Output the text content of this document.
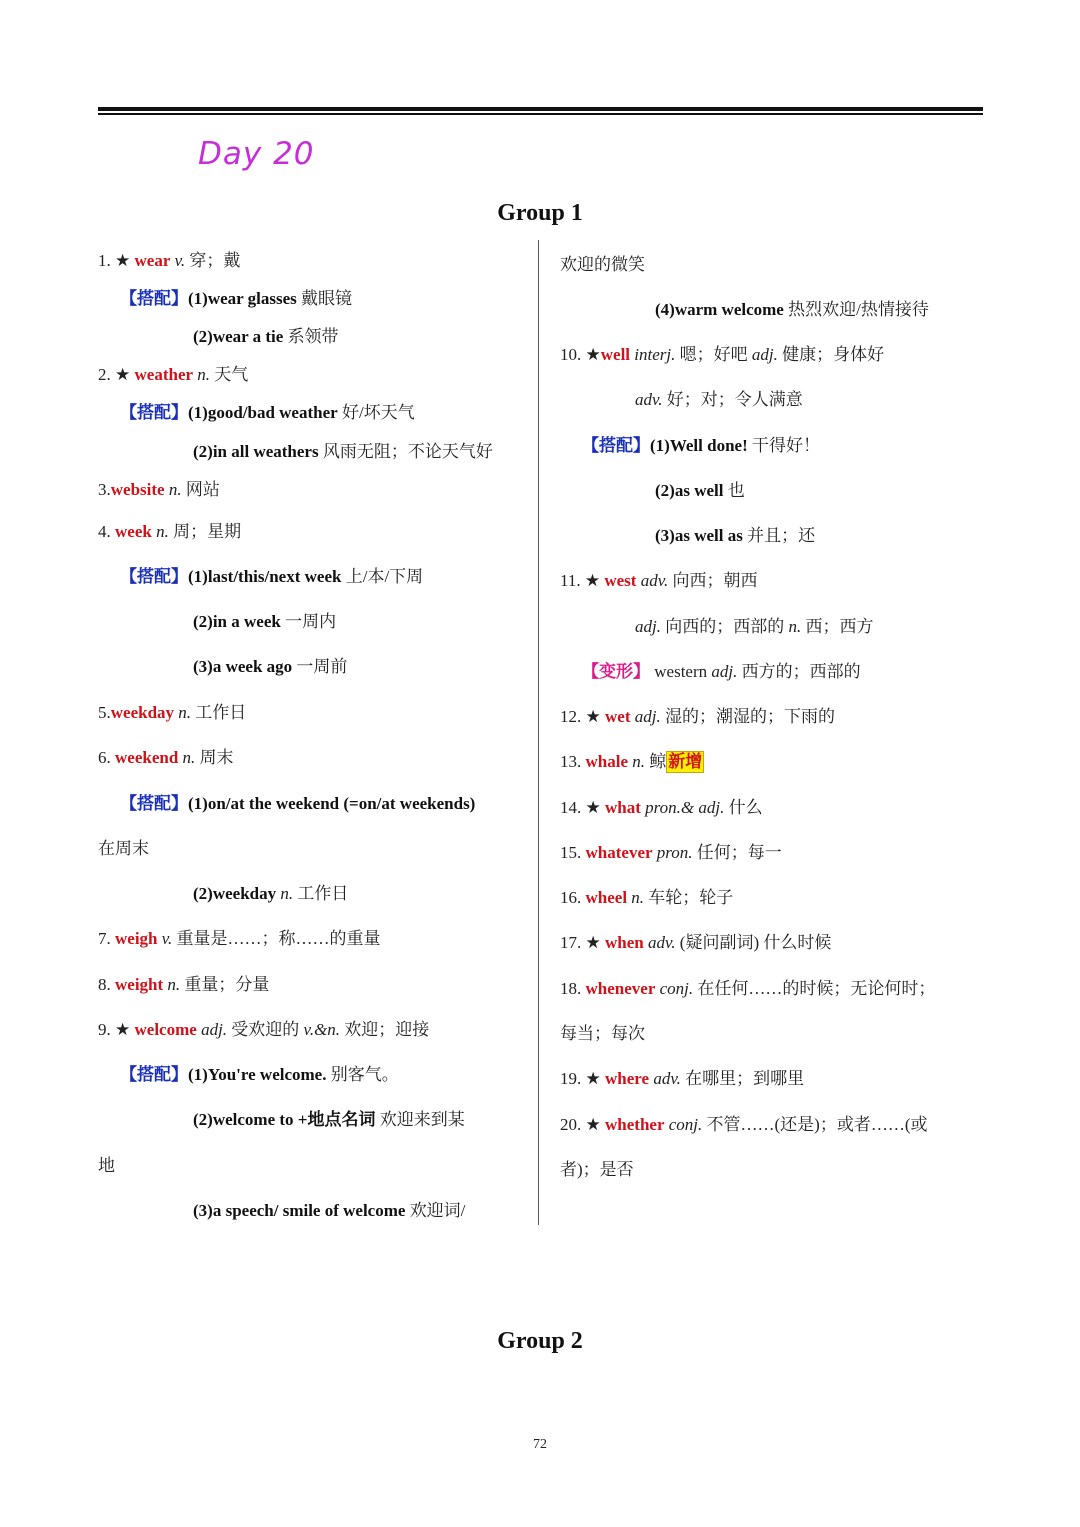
Day 20
Group 1
1. ★ wear v. 穿；戴
【搭配】(1)wear glasses 戴眼镜
(2)wear a tie 系领带
2. ★ weather n. 天气
【搭配】(1)good/bad weather 好/坏天气
(2)in all weathers 风雨无阻；不论天气好
3.website n. 网站
4. week n. 周；星期
【搭配】(1)last/this/next week 上/本/下周
(2)in a week 一周内
(3)a week ago 一周前
5.weekday n. 工作日
6. weekend n. 周末
【搭配】(1)on/at the weekend (=on/at weekends)
在周末
(2)weekday n. 工作日
7. weigh v. 重量是……；称……的重量
8. weight n. 重量；分量
9. ★ welcome adj. 受欢迎的 v.&n. 欢迎；迎接
【搭配】(1)You're welcome. 别客气。
(2)welcome to +地点名词 欢迎来到某
地
(3)a speech/ smile of welcome 欢迎词/
欢迎的微笑
(4)warm welcome 热烈欢迎/热情接待
10. ★well interj. 嗯；好吧 adj. 健康；身体好
adv. 好；对；令人满意
【搭配】(1)Well done! 干得好！
(2)as well 也
(3)as well as 并且；还
11. ★ west adv. 向西；朝西
adj. 向西的；西部的 n. 西；西方
【变形】 western adj. 西方的；西部的
12. ★ wet adj. 湿的；潮湿的；下雨的
13. whale n. 鲸 新增
14. ★ what pron.& adj. 什么
15. whatever pron. 任何；每一
16. wheel n. 车轮；轮子
17. ★ when adv. (疑问副词) 什么时候
18. whenever conj. 在任何……的时候；无论何时；
每当；每次
19. ★ where adv. 在哪里；到哪里
20. ★ whether conj. 不管……(还是)；或者……(或
者)；是否
Group 2
72
